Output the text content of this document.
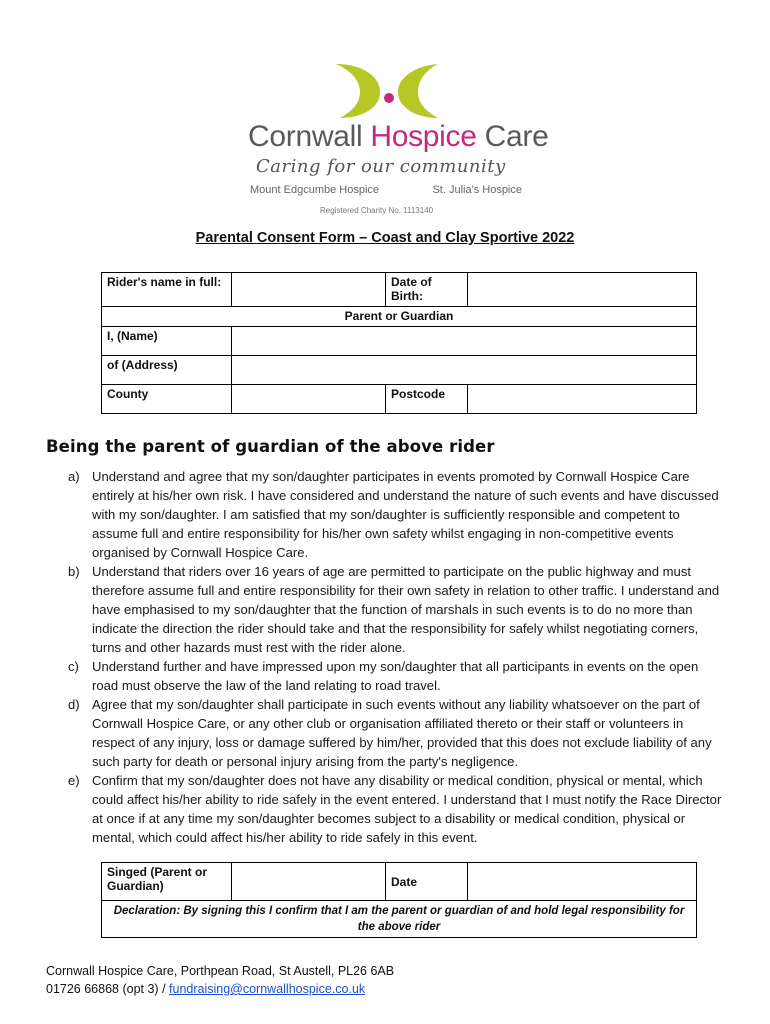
Cornwall Hospice Care
Caring for our community
Mount Edgcumbe Hospice	St. Julia's Hospice
Registered Charity No. 1113140
Parental Consent Form – Coast and Clay Sportive 2022
Rider's name in full:		Date of Birth:	
Parent or Guardian			
I, (Name)			
of (Address)			
County		Postcode	
Being the parent of guardian of the above rider
a) Understand and agree that my son/daughter participates in events promoted by Cornwall Hospice Care entirely at his/her own risk. I have considered and understand the nature of such events and have discussed with my son/daughter. I am satisfied that my son/daughter is sufficiently responsible and competent to assume full and entire responsibility for his/her own safety whilst engaging in non-competitive events organised by Cornwall Hospice Care.
b) Understand that riders over 16 years of age are permitted to participate on the public highway and must therefore assume full and entire responsibility for their own safety in relation to other traffic. I understand and have emphasised to my son/daughter that the function of marshals in such events is to do no more than indicate the direction the rider should take and that the responsibility for safely whilst negotiating corners, turns and other hazards must rest with the rider alone.
c) Understand further and have impressed upon my son/daughter that all participants in events on the open road must observe the law of the land relating to road travel.
d) Agree that my son/daughter shall participate in such events without any liability whatsoever on the part of Cornwall Hospice Care, or any other club or organisation affiliated thereto or their staff or volunteers in respect of any injury, loss or damage suffered by him/her, provided that this does not exclude liability of any such party for death or personal injury arising from the party's negligence.
e) Confirm that my son/daughter does not have any disability or medical condition, physical or mental, which could affect his/her ability to ride safely in the event entered. I understand that I must notify the Race Director at once if at any time my son/daughter becomes subject to a disability or medical condition, physical or mental, which could affect his/her ability to ride safely in this event.
Singed (Parent or Guardian)		Date	
Declaration: By signing this I confirm that I am the parent or guardian of and hold legal responsibility for the above rider
Cornwall Hospice Care, Porthpean Road, St Austell, PL26 6AB
01726 66868 (opt 3) / fundraising@cornwallhospice.co.uk
